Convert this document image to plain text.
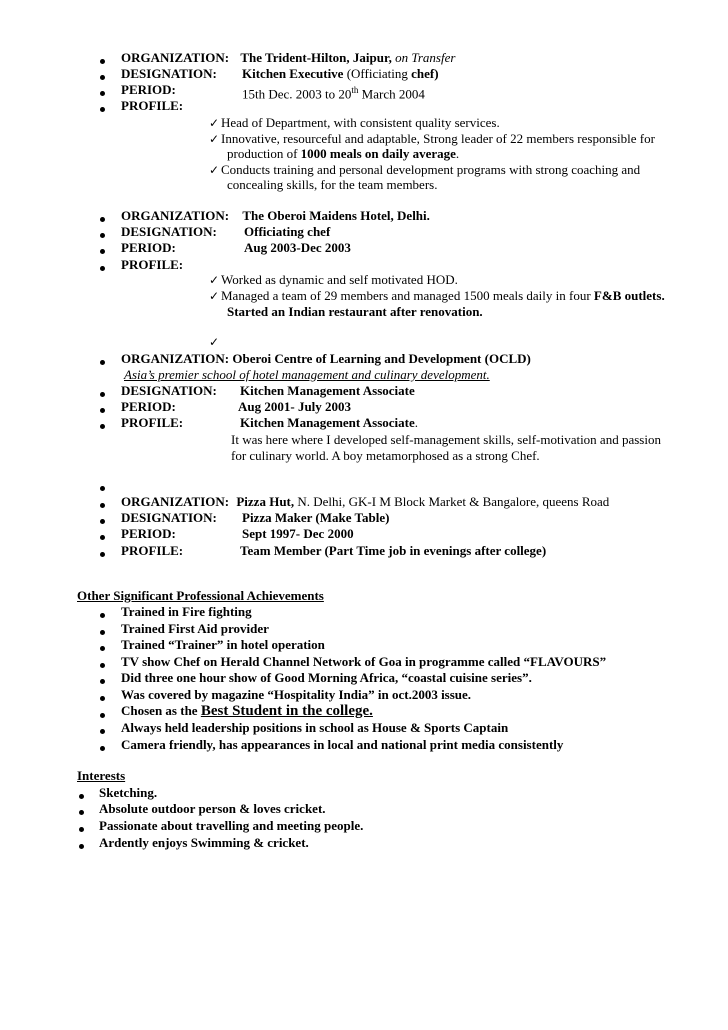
ORGANIZATION: The Trident-Hilton, Jaipur, on Transfer
DESIGNATION: Kitchen Executive (Officiating chef)
PERIOD:	15th Dec. 2003 to 20th March 2004
PROFILE:
✓ Head of Department, with consistent quality services.
✓ Innovative, resourceful and adaptable, Strong leader of 22 members responsible for
production of 1000 meals on daily average.
✓ Conducts training and personal development programs with strong coaching and
concealing skills, for the team members.
ORGANIZATION: The Oberoi Maidens Hotel, Delhi.
DESIGNATION: Officiating chef
PERIOD:	Aug 2003-Dec 2003
PROFILE:
✓ Worked as dynamic and self motivated HOD.
✓ Managed a team of 29 members and managed 1500 meals daily in four F&B outlets.
Started an Indian restaurant after renovation.
✓
ORGANIZATION: Oberoi Centre of Learning and Development (OCLD)
Asia’s premier school of hotel management and culinary development.
DESIGNATION: Kitchen Management Associate
PERIOD:	Aug 2001- July 2003
PROFILE:	Kitchen Management Associate.
It was here where I developed self-management skills, self-motivation and passion
for culinary world. A boy metamorphosed as a strong Chef.
ORGANIZATION: Pizza Hut, N. Delhi, GK-I M Block Market & Bangalore, queens Road
DESIGNATION: Pizza Maker (Make Table)
PERIOD:	Sept 1997- Dec 2000
PROFILE:	Team Member (Part Time job in evenings after college)
Other Significant Professional Achievements
Trained in Fire fighting
Trained First Aid provider
Trained “Trainer” in hotel operation
TV show Chef on Herald Channel Network of Goa in programme called “FLAVOURS”
Did three one hour show of Good Morning Africa, “coastal cuisine series”.
Was covered by magazine “Hospitality India” in oct.2003 issue.
Chosen as the Best Student in the college.
Always held leadership positions in school as House & Sports Captain
Camera friendly, has appearances in local and national print media consistently
Interests
Sketching.
Absolute outdoor person & loves cricket.
Passionate about travelling and meeting people.
Ardently enjoys Swimming & cricket.
